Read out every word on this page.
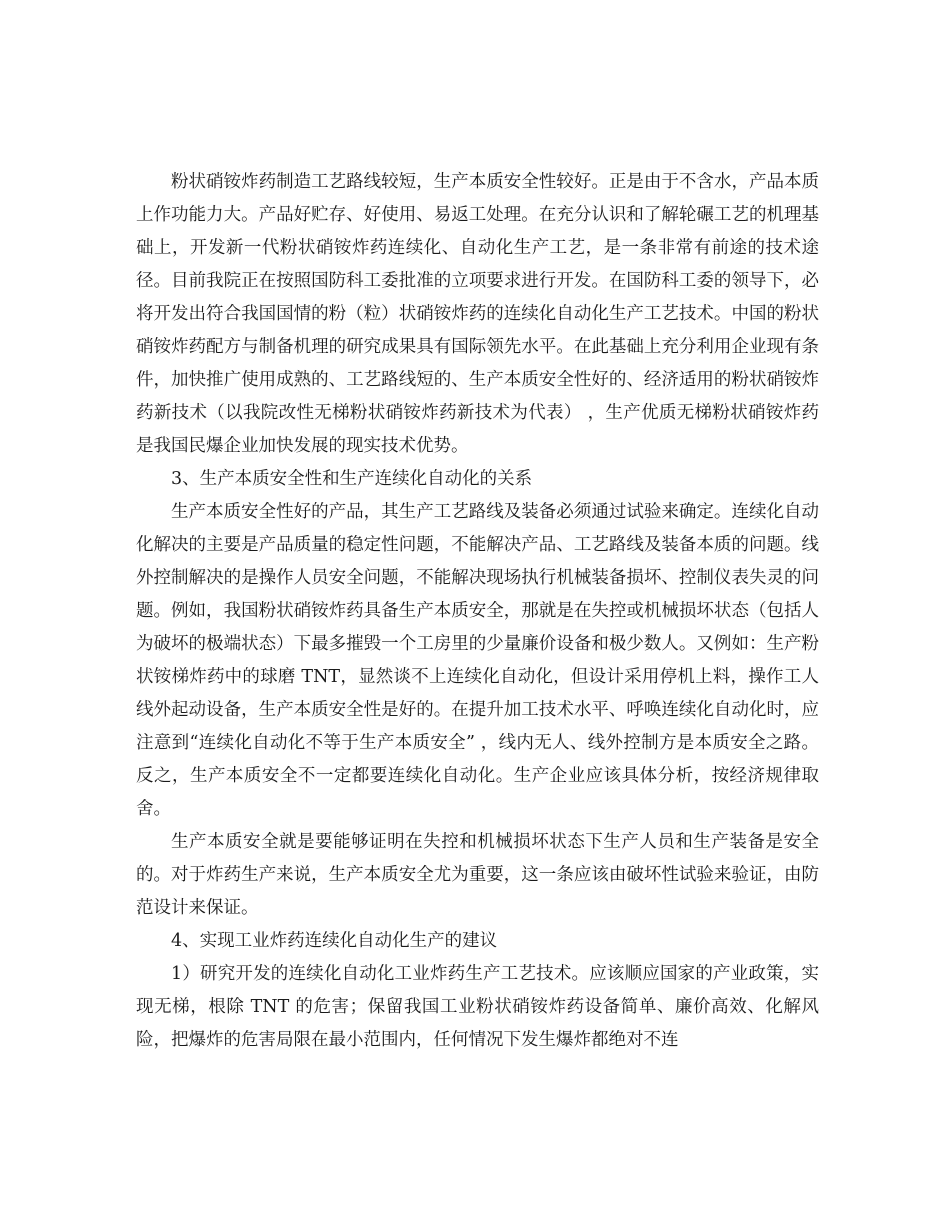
粉状硝铵炸药制造工艺路线较短，生产本质安全性较好。正是由于不含水，产品本质上作功能力大。产品好贮存、好使用、易返工处理。在充分认识和了解轮碾工艺的机理基础上，开发新一代粉状硝铵炸药连续化、自动化生产工艺，是一条非常有前途的技术途径。目前我院正在按照国防科工委批准的立项要求进行开发。在国防科工委的领导下，必将开发出符合我国国情的粉（粒）状硝铵炸药的连续化自动化生产工艺技术。中国的粉状硝铵炸药配方与制备机理的研究成果具有国际领先水平。在此基础上充分利用企业现有条件，加快推广使用成熟的、工艺路线短的、生产本质安全性好的、经济适用的粉状硝铵炸药新技术（以我院改性无梯粉状硝铵炸药新技术为代表） ，生产优质无梯粉状硝铵炸药是我国民爆企业加快发展的现实技术优势。

3、生产本质安全性和生产连续化自动化的关系

生产本质安全性好的产品，其生产工艺路线及装备必须通过试验来确定。连续化自动化解决的主要是产品质量的稳定性问题，不能解决产品、工艺路线及装备本质的问题。线外控制解决的是操作人员安全问题，不能解决现场执行机械装备损坏、控制仪表失灵的问题。例如，我国粉状硝铵炸药具备生产本质安全，那就是在失控或机械损坏状态（包括人为破坏的极端状态）下最多摧毁一个工房里的少量廉价设备和极少数人。又例如：生产粉状铵梯炸药中的球磨 TNT，显然谈不上连续化自动化，但设计采用停机上料，操作工人线外起动设备，生产本质安全性是好的。在提升加工技术水平、呼唤连续化自动化时，应注意到“连续化自动化不等于生产本质安全” ，线内无人、线外控制方是本质安全之路。反之，生产本质安全不一定都要连续化自动化。生产企业应该具体分析，按经济规律取舍。

生产本质安全就是要能够证明在失控和机械损坏状态下生产人员和生产装备是安全的。对于炸药生产来说，生产本质安全尤为重要，这一条应该由破坏性试验来验证，由防范设计来保证。

4、实现工业炸药连续化自动化生产的建议

1）研究开发的连续化自动化工业炸药生产工艺技术。应该顺应国家的产业政策，实现无梯，根除 TNT 的危害；保留我国工业粉状硝铵炸药设备简单、廉价高效、化解风险，把爆炸的危害局限在最小范围内，任何情况下发生爆炸都绝对不连
